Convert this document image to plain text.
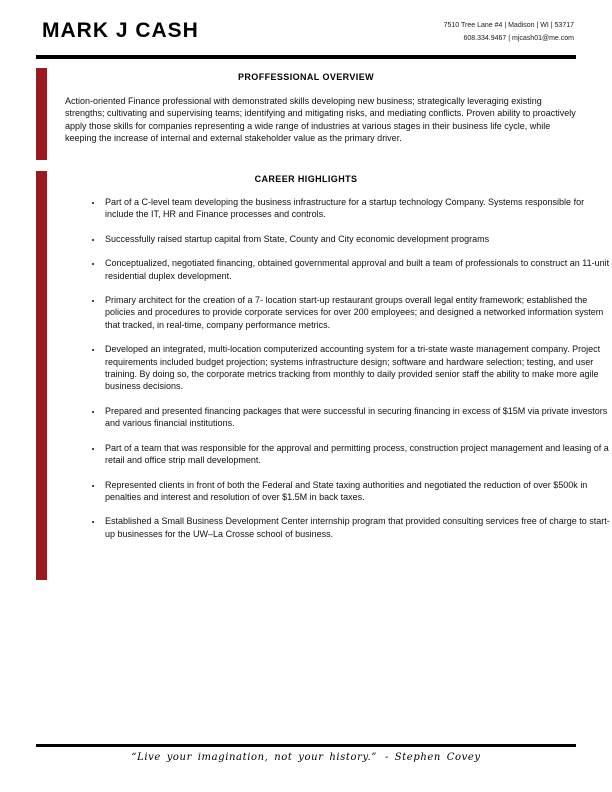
MARK J CASH	7510 Tree Lane #4 | Madison | WI | 53717
608.334.9467 | mjcash01@me.com
PROFFESSIONAL OVERVIEW
Action-oriented Finance professional with demonstrated skills developing new business; strategically leveraging existing strengths; cultivating and supervising teams; identifying and mitigating risks, and mediating conflicts. Proven ability to proactively apply those skills for companies representing a wide range of industries at various stages in their business life cycle, while keeping the increase of internal and external stakeholder value as the primary driver.
CAREER HIGHLIGHTS
• Part of a C-level team developing the business infrastructure for a startup technology Company. Systems responsible for include the IT, HR and Finance processes and controls.
• Successfully raised startup capital from State, County and City economic development programs
• Conceptualized, negotiated financing, obtained governmental approval and built a team of professionals to construct an 11-unit residential duplex development.
• Primary architect for the creation of a 7- location start-up restaurant groups overall legal entity framework; established the policies and procedures to provide corporate services for over 200 employees; and designed a networked information system that tracked, in real-time, company performance metrics.
• Developed an integrated, multi-location computerized accounting system for a tri-state waste management company. Project requirements included budget projection; systems infrastructure design; software and hardware selection; testing, and user training. By doing so, the corporate metrics tracking from monthly to daily provided senior staff the ability to make more agile business decisions.
• Prepared and presented financing packages that were successful in securing financing in excess of $15M via private investors and various financial institutions.
• Part of a team that was responsible for the approval and permitting process, construction project management and leasing of a retail and office strip mall development.
• Represented clients in front of both the Federal and State taxing authorities and negotiated the reduction of over $500k in penalties and interest and resolution of over $1.5M in back taxes.
• Established a Small Business Development Center internship program that provided consulting services free of charge to start-up businesses for the UW–La Crosse school of business.
“Live your imagination, not your history.” - Stephen Covey
